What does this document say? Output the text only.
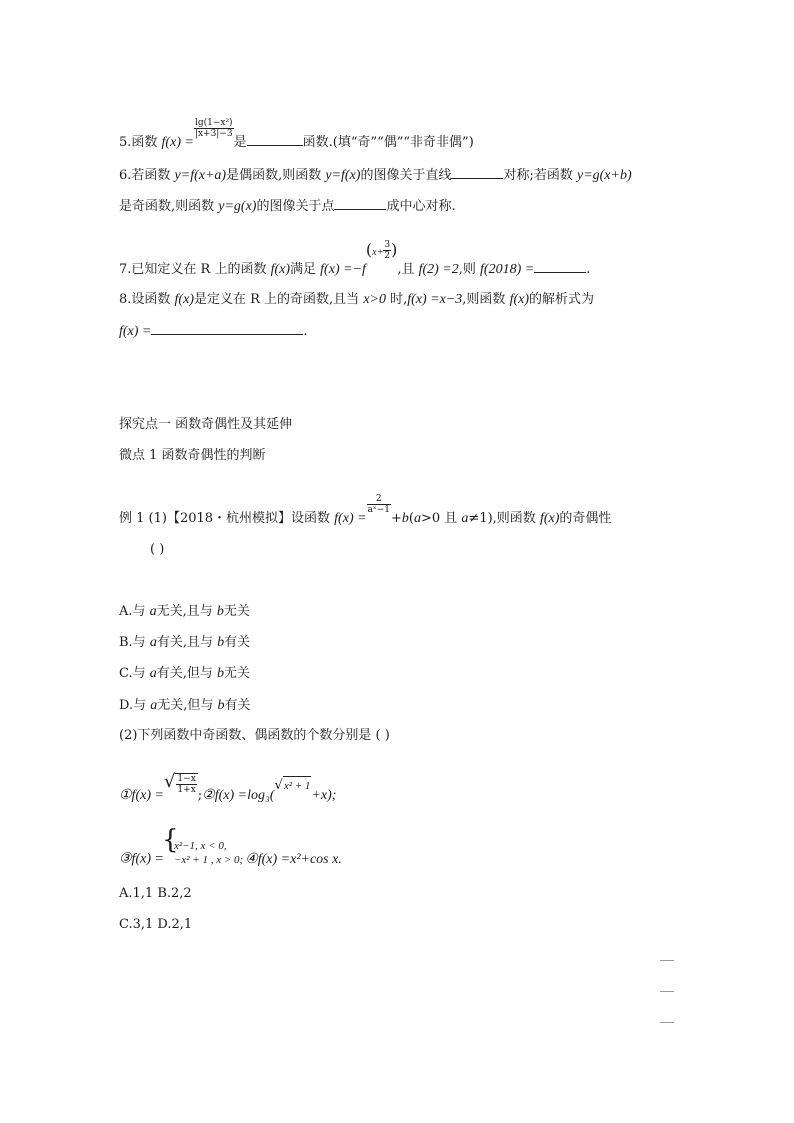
5.函数 f(x) =
$\frac{\text{lg(1−x²)}}{|x+3|-3}$
是	函数.(填“奇”“偶”“非奇非偶”)
6.若函数 y=f(x+a)是偶函数,则函数 y=f(x)的图像关于直线	对称;若函数 y=g(x+b)
是奇函数,则函数 y=g(x)的图像关于点	成中心对称.
7.已知定义在 R 上的函数 f(x)满足 $f(x) =-f(x+ \frac{3}{2}$ ),且 f(2) =2,则 f(2018) =	.
8.设函数 f(x)是定义在 R 上的奇函数,且当 x>0 时,f(x) =x−3,则函数 f(x)的解析式为
f(x) =	.
探究点一 函数奇偶性及其延伸
微点 1 函数奇偶性的判断
例 1 (1)【2018・杭州模拟】设函数 f(x) =
$\frac{2}{\text{aˣ−1}}$
+b(a>0 且 a≠1),则函数 f(x)的奇偶性
( )
A.与 a无关,且与 b无关
B.与 a有关,且与 b有关
C.与 a有关,但与 b无关
D.与 a无关,但与 b有关
(2)下列函数中奇函数、偶函数的个数分别是 ( )
①f(x) =√ $\frac{1-x}{1+x}$
;②f(x) =log₃(√x² + 1+x);
③f(x) =
{
x²−1, x < 0,
−x² + 1 , x > 0; ④f(x) =x²+cos x.
A.1,1 B.2,2
C.3,1 D.2,1
